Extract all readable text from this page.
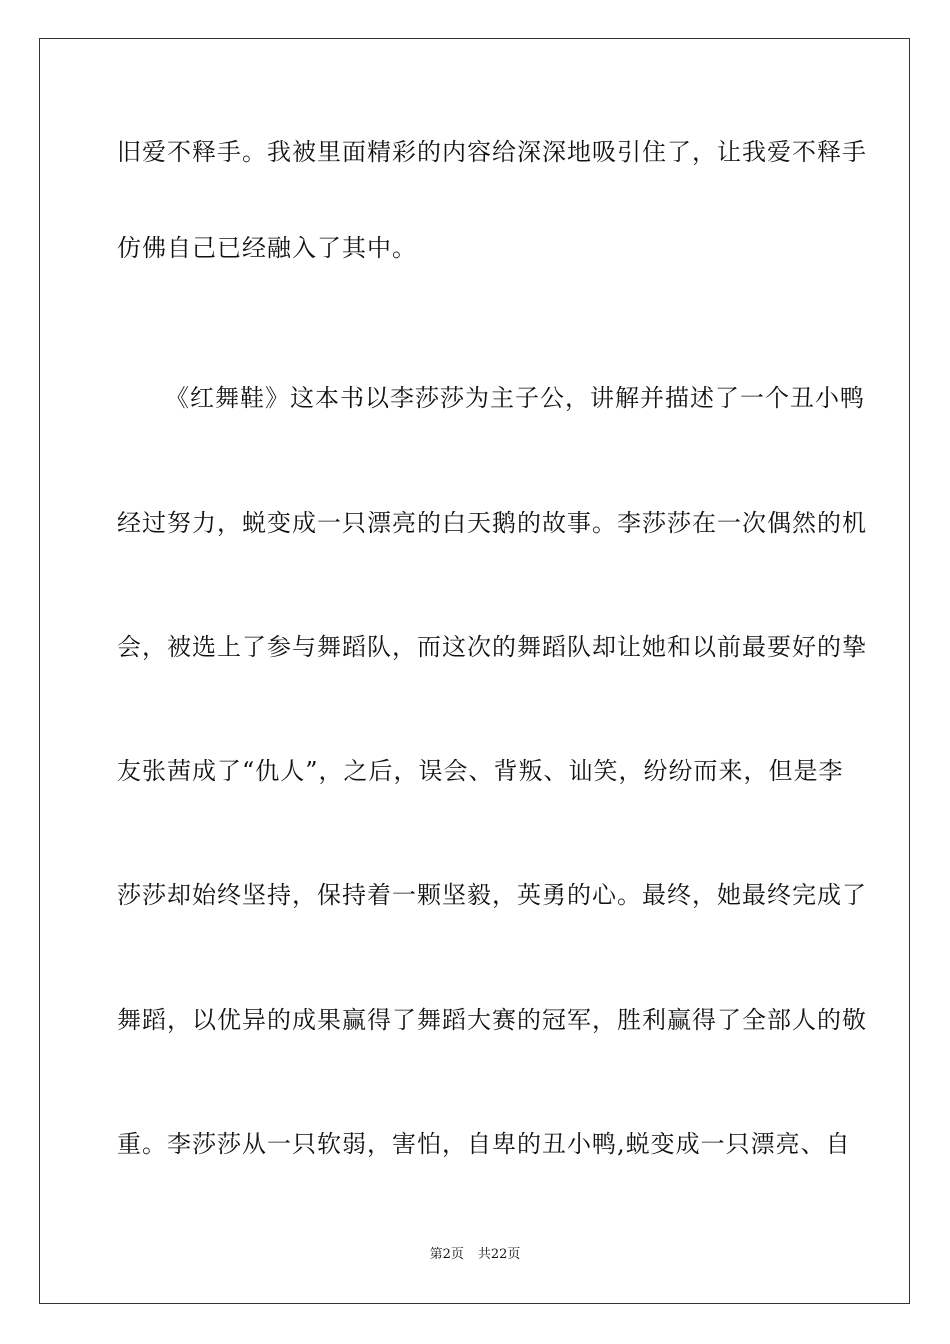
旧爱不释手。我被里面精彩的内容给深深地吸引住了，让我爱不释手
仿佛自己已经融入了其中。
《红舞鞋》这本书以李莎莎为主子公，讲解并描述了一个丑小鸭
经过努力，蜕变成一只漂亮的白天鹅的故事。李莎莎在一次偶然的机
会，被选上了参与舞蹈队，而这次的舞蹈队却让她和以前最要好的挚
友张茜成了“仇人”，之后，误会、背叛、讪笑，纷纷而来，但是李
莎莎却始终坚持，保持着一颗坚毅，英勇的心。最终，她最终完成了
舞蹈，以优异的成果赢得了舞蹈大赛的冠军，胜利赢得了全部人的敬
重。李莎莎从一只软弱，害怕，自卑的丑小鸭,蜕变成一只漂亮、自
第2页 共22页
